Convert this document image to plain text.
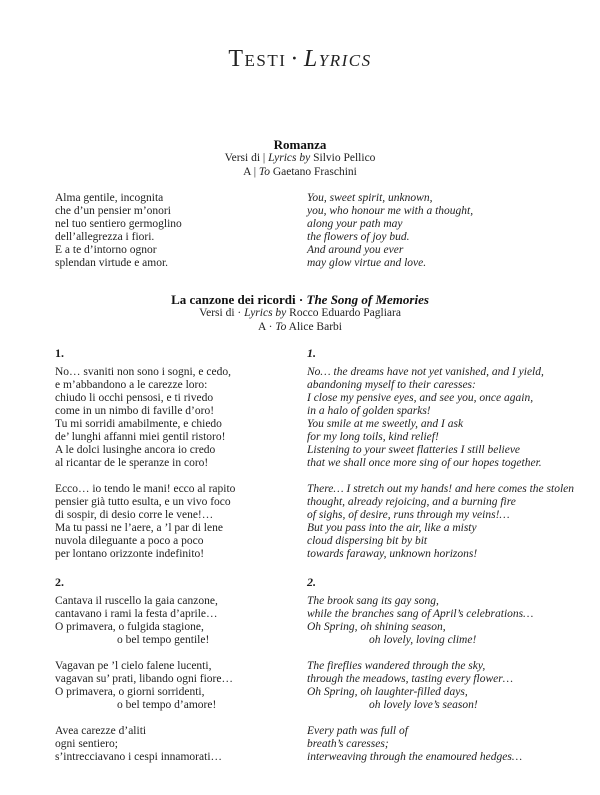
Testi · Lyrics
Romanza

Versi di | Lyrics by Silvio Pellico

A | To Gaetano Fraschini

Alma gentile, incognita
che d’un pensier m’onori
nel tuo sentiero germoglino
dell’allegrezza i fiori.
E a te d’intorno ognor
splendan virtude e amor.
You, sweet spirit, unknown,
you, who honour me with a thought,
along your path may
the flowers of joy bud.
And around you ever
may glow virtue and love.
La canzone dei ricordi · The Song of Memories

Versi di · Lyrics by Rocco Eduardo Pagliara

A · To Alice Barbi

1.
No… svaniti non sono i sogni, e cedo,
e m’abbandono a le carezze loro:
chiudo li occhi pensosi, e ti rivedo
come in un nimbo di faville d’oro!
Tu mi sorridi amabilmente, e chiedo
de’ lunghi affanni miei gentil ristoro!
A le dolci lusinghe ancora io credo
al ricantar de le speranze in coro!
Ecco… io tendo le mani! ecco al rapito
pensier già tutto esulta, e un vivo foco
di sospir, di desio corre le vene!…
Ma tu passi ne l’aere, a ’l par di lene
nuvola dileguante a poco a poco
per lontano orizzonte indefinito!
2.
Cantava il ruscello la gaia canzone,
cantavano i rami la festa d’aprile…
O primavera, o fulgida stagione,
o bel tempo gentile!
Vagavan pe ’l cielo falene lucenti,
vagavan su’ prati, libando ogni fiore…
O primavera, o giorni sorridenti,
o bel tempo d’amore!
Avea carezze d’aliti
ogni sentiero;
s’intrecciavano i cespi innamorati…
1.
No… the dreams have not yet vanished, and I yield,
abandoning myself to their caresses:
I close my pensive eyes, and see you, once again,
in a halo of golden sparks!
You smile at me sweetly, and I ask
for my long toils, kind relief!
Listening to your sweet flatteries I still believe
that we shall once more sing of our hopes together.
There… I stretch out my hands! and here comes the stolen
thought, already rejoicing, and a burning fire
of sighs, of desire, runs through my veins!…
But you pass into the air, like a misty
cloud dispersing bit by bit
towards faraway, unknown horizons!
2.
The brook sang its gay song,
while the branches sang of April’s celebrations…
Oh Spring, oh shining season,
oh lovely, loving clime!
The fireflies wandered through the sky,
through the meadows, tasting every flower…
Oh Spring, oh laughter-filled days,
oh lovely love’s season!
Every path was full of
breath’s caresses;
interweaving through the enamoured hedges…
